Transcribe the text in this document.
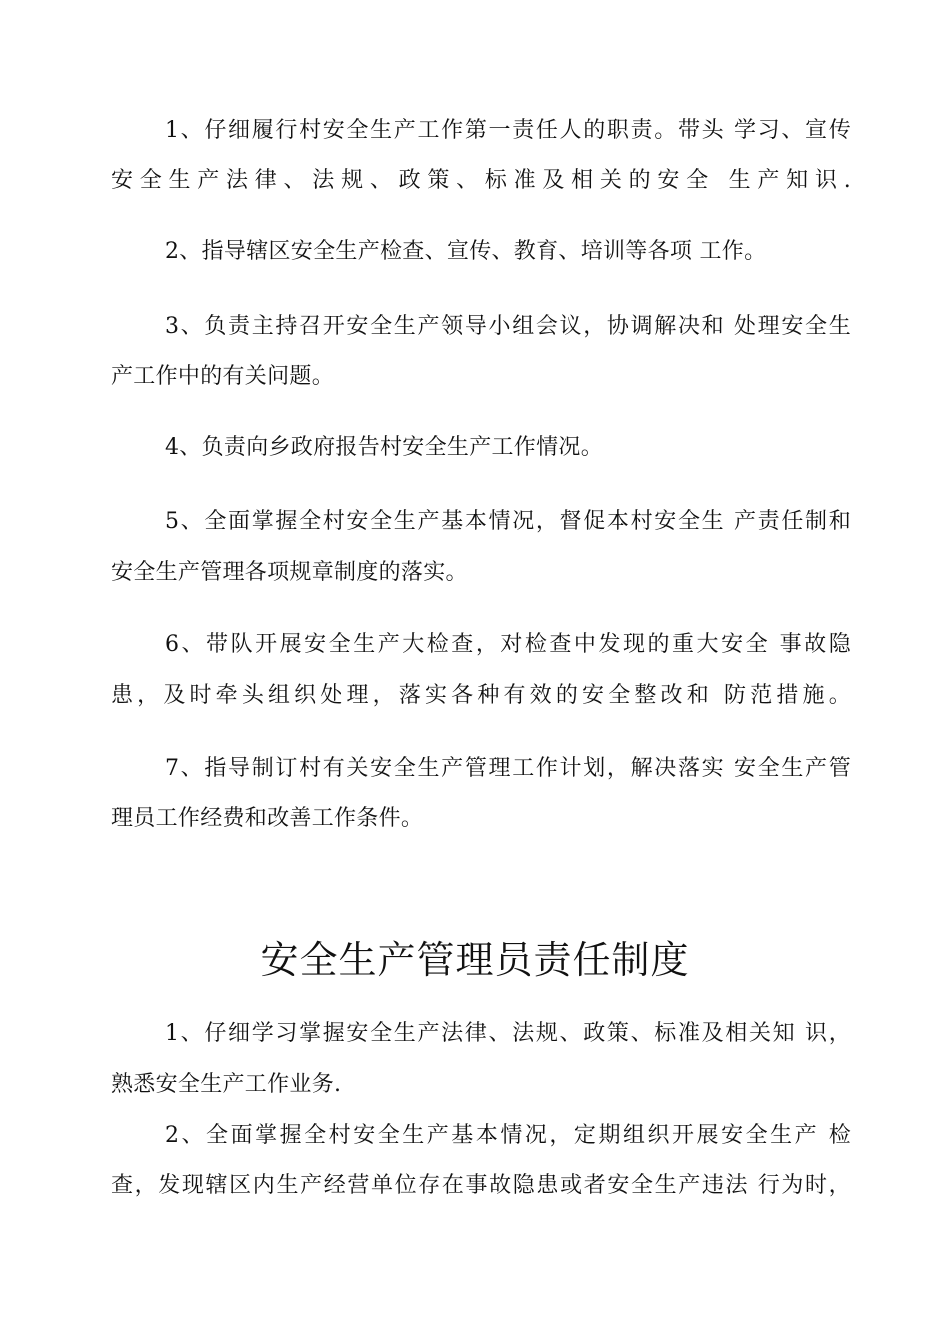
1、仔细履行村安全生产工作第一责任人的职责。带头 学习、宣传
安全生产法律、法规、政策、标准及相关的安全 生产知识.
2、指导辖区安全生产检查、宣传、教育、培训等各项 工作。
3、负责主持召开安全生产领导小组会议，协调解决和 处理安全生
产工作中的有关问题。
4、负责向乡政府报告村安全生产工作情况。
5、全面掌握全村安全生产基本情况，督促本村安全生 产责任制和
安全生产管理各项规章制度的落实。
6、带队开展安全生产大检查，对检查中发现的重大安全 事故隐
患，及时牵头组织处理，落实各种有效的安全整改和 防范措施。
7、指导制订村有关安全生产管理工作计划，解决落实 安全生产管
理员工作经费和改善工作条件。
安全生产管理员责任制度
1、仔细学习掌握安全生产法律、法规、政策、标准及相关知 识，
熟悉安全生产工作业务.
2、全面掌握全村安全生产基本情况，定期组织开展安全生产 检
查，发现辖区内生产经营单位存在事故隐患或者安全生产违法 行为时，
